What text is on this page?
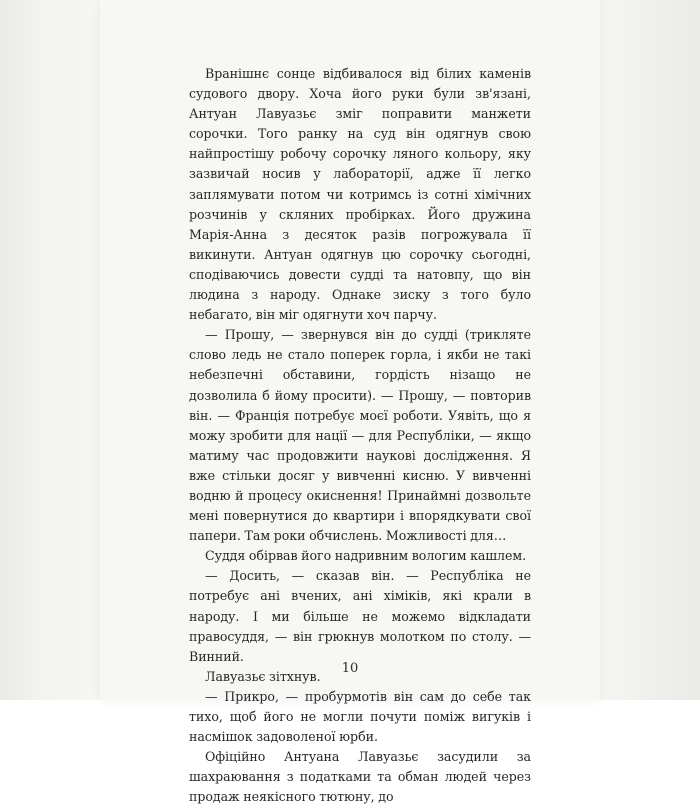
Вранішнє сонце відбивалося від білих каменів судового двору. Хоча його руки були зв'язані, Антуан Лавуазьє зміг поправити манжети сорочки. Того ранку на суд він одягнув свою найпростішу робочу сорочку ляного кольору, яку зазвичай носив у лабораторії, адже її легко заплямувати потом чи котримсь із сотні хімічних розчинів у скляних пробірках. Його дружина Марія-Анна з десяток разів погрожувала її викинути. Антуан одягнув цю сорочку сьогодні, сподіваючись довести судді та натовпу, що він людина з народу. Однаке зиску з того було небагато, він міг одягнути хоч парчу.

— Прошу, — звернувся він до судді (трикляте слово ледь не стало поперек горла, і якби не такі небезпечні обставини, гордість нізащо не дозволила б йому просити). — Прошу, — повторив він. — Франція потребує моєї роботи. Уявіть, що я можу зробити для нації — для Республіки, — якщо матиму час продовжити наукові дослідження. Я вже стільки досяг у вивченні кисню. У вивченні водню й процесу окиснення! Принаймні дозвольте мені повернутися до квартири і впорядкувати свої папери. Там роки обчислень. Можливості для…

Суддя обірвав його надривним вологим кашлем.

— Досить, — сказав він. — Республіка не потребує ані вчених, ані хіміків, які крали в народу. І ми більше не можемо відкладати правосуддя, — він грюкнув молотком по столу. — Винний.

Лавуазьє зітхнув.

— Прикро, — пробурмотів він сам до себе так тихо, щоб його не могли почути поміж вигуків і насмішок задоволеної юрби.

Офіційно Антуана Лавуазьє засудили за шахраювання з податками та обман людей через продаж неякісного тютюну, до

10
